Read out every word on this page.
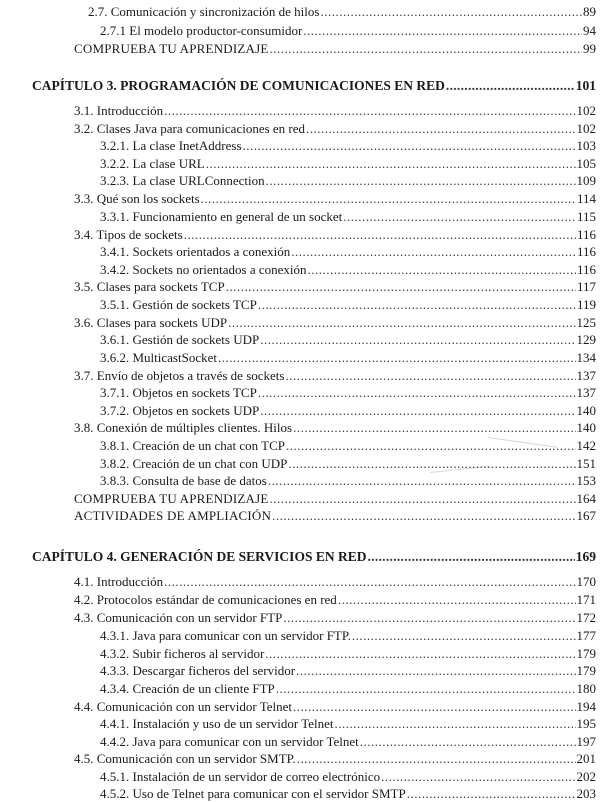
2.7. Comunicación y sincronización de hilos .....	89
2.7.1 El modelo productor-consumidor .....	94
COMPRUEBA TU APRENDIZAJE .....	99
CAPÍTULO 3. PROGRAMACIÓN DE COMUNICACIONES EN RED .....	101
3.1. Introducción .....	102
3.2. Clases Java para comunicaciones en red .....	102
3.2.1. La clase InetAddress .....	103
3.2.2. La clase URL .....	105
3.2.3. La clase URLConnection .....	109
3.3. Qué son los sockets .....	114
3.3.1. Funcionamiento en general de un socket .....	115
3.4. Tipos de sockets .....	116
3.4.1. Sockets orientados a conexión .....	116
3.4.2. Sockets no orientados a conexión .....	116
3.5. Clases para sockets TCP .....	117
3.5.1. Gestión de sockets TCP .....	119
3.6. Clases para sockets UDP .....	125
3.6.1. Gestión de sockets UDP .....	129
3.6.2. MulticastSocket .....	134
3.7. Envío de objetos a través de sockets .....	137
3.7.1. Objetos en sockets TCP .....	137
3.7.2. Objetos en sockets UDP .....	140
3.8. Conexión de múltiples clientes. Hilos .....	140
3.8.1. Creación de un chat con TCP .....	142
3.8.2. Creación de un chat con UDP .....	151
3.8.3. Consulta de base de datos .....	153
COMPRUEBA TU APRENDIZAJE .....	164
ACTIVIDADES DE AMPLIACIÓN .....	167
CAPÍTULO 4. GENERACIÓN DE SERVICIOS EN RED .....	169
4.1. Introducción .....	170
4.2. Protocolos estándar de comunicaciones en red .....	171
4.3. Comunicación con un servidor FTP .....	172
4.3.1. Java para comunicar con un servidor FTP. .....	177
4.3.2. Subir ficheros al servidor .....	179
4.3.3. Descargar ficheros del servidor .....	179
4.3.4. Creación de un cliente FTP .....	180
4.4. Comunicación con un servidor Telnet .....	194
4.4.1. Instalación y uso de un servidor Telnet .....	195
4.4.2. Java para comunicar con un servidor Telnet .....	197
4.5. Comunicación con un servidor SMTP. .....	201
4.5.1. Instalación de un servidor de correo electrónico .....	202
4.5.2. Uso de Telnet para comunicar con el servidor SMTP .....	203
